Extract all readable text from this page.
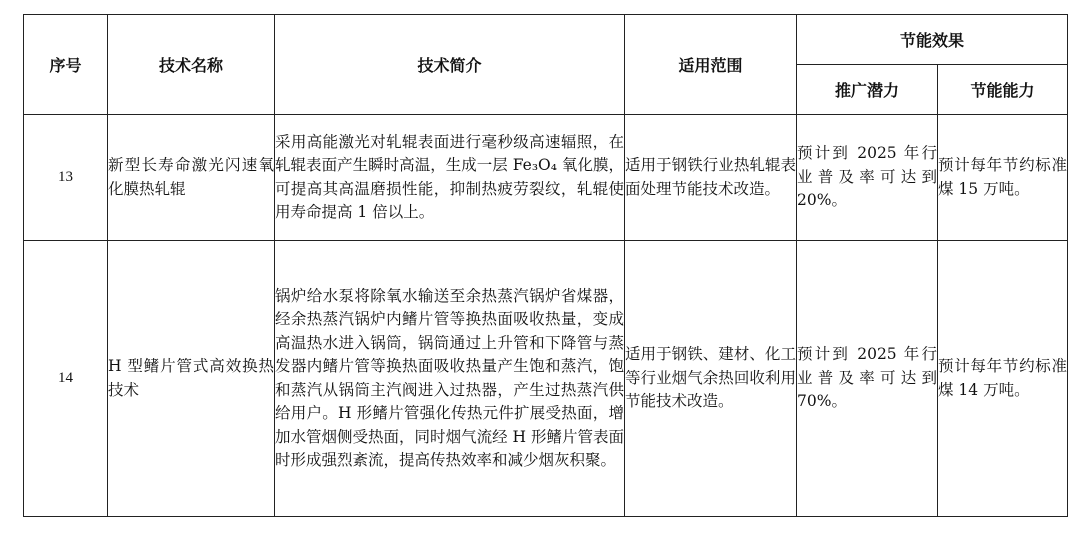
序号	技术名称	技术简介	适用范围	节能效果	
				推广潜力	节能能力
13	新型长寿命激光闪速氧化膜热轧辊	采用高能激光对轧辊表面进行毫秒级高速辐照，在轧辊表面产生瞬时高温，生成一层 Fe₃O₄ 氧化膜，可提高其高温磨损性能，抑制热疲劳裂纹，轧辊使用寿命提高 1 倍以上。	适用于钢铁行业热轧辊表面处理节能技术改造。	预计到 2025 年行业普及率可达到 20%。	预计每年节约标准煤 15 万吨。
14	H 型鳍片管式高效换热技术	锅炉给水泵将除氧水输送至余热蒸汽锅炉省煤器，经余热蒸汽锅炉内鳍片管等换热面吸收热量，变成高温热水进入锅筒，锅筒通过上升管和下降管与蒸发器内鳍片管等换热面吸收热量产生饱和蒸汽，饱和蒸汽从锅筒主汽阀进入过热器，产生过热蒸汽供给用户。H 形鳍片管强化传热元件扩展受热面，增加水管烟侧受热面，同时烟气流经 H 形鳍片管表面时形成强烈紊流，提高传热效率和减少烟灰积聚。	适用于钢铁、建材、化工等行业烟气余热回收利用节能技术改造。	预计到 2025 年行业普及率可达到 70%。	预计每年节约标准煤 14 万吨。
